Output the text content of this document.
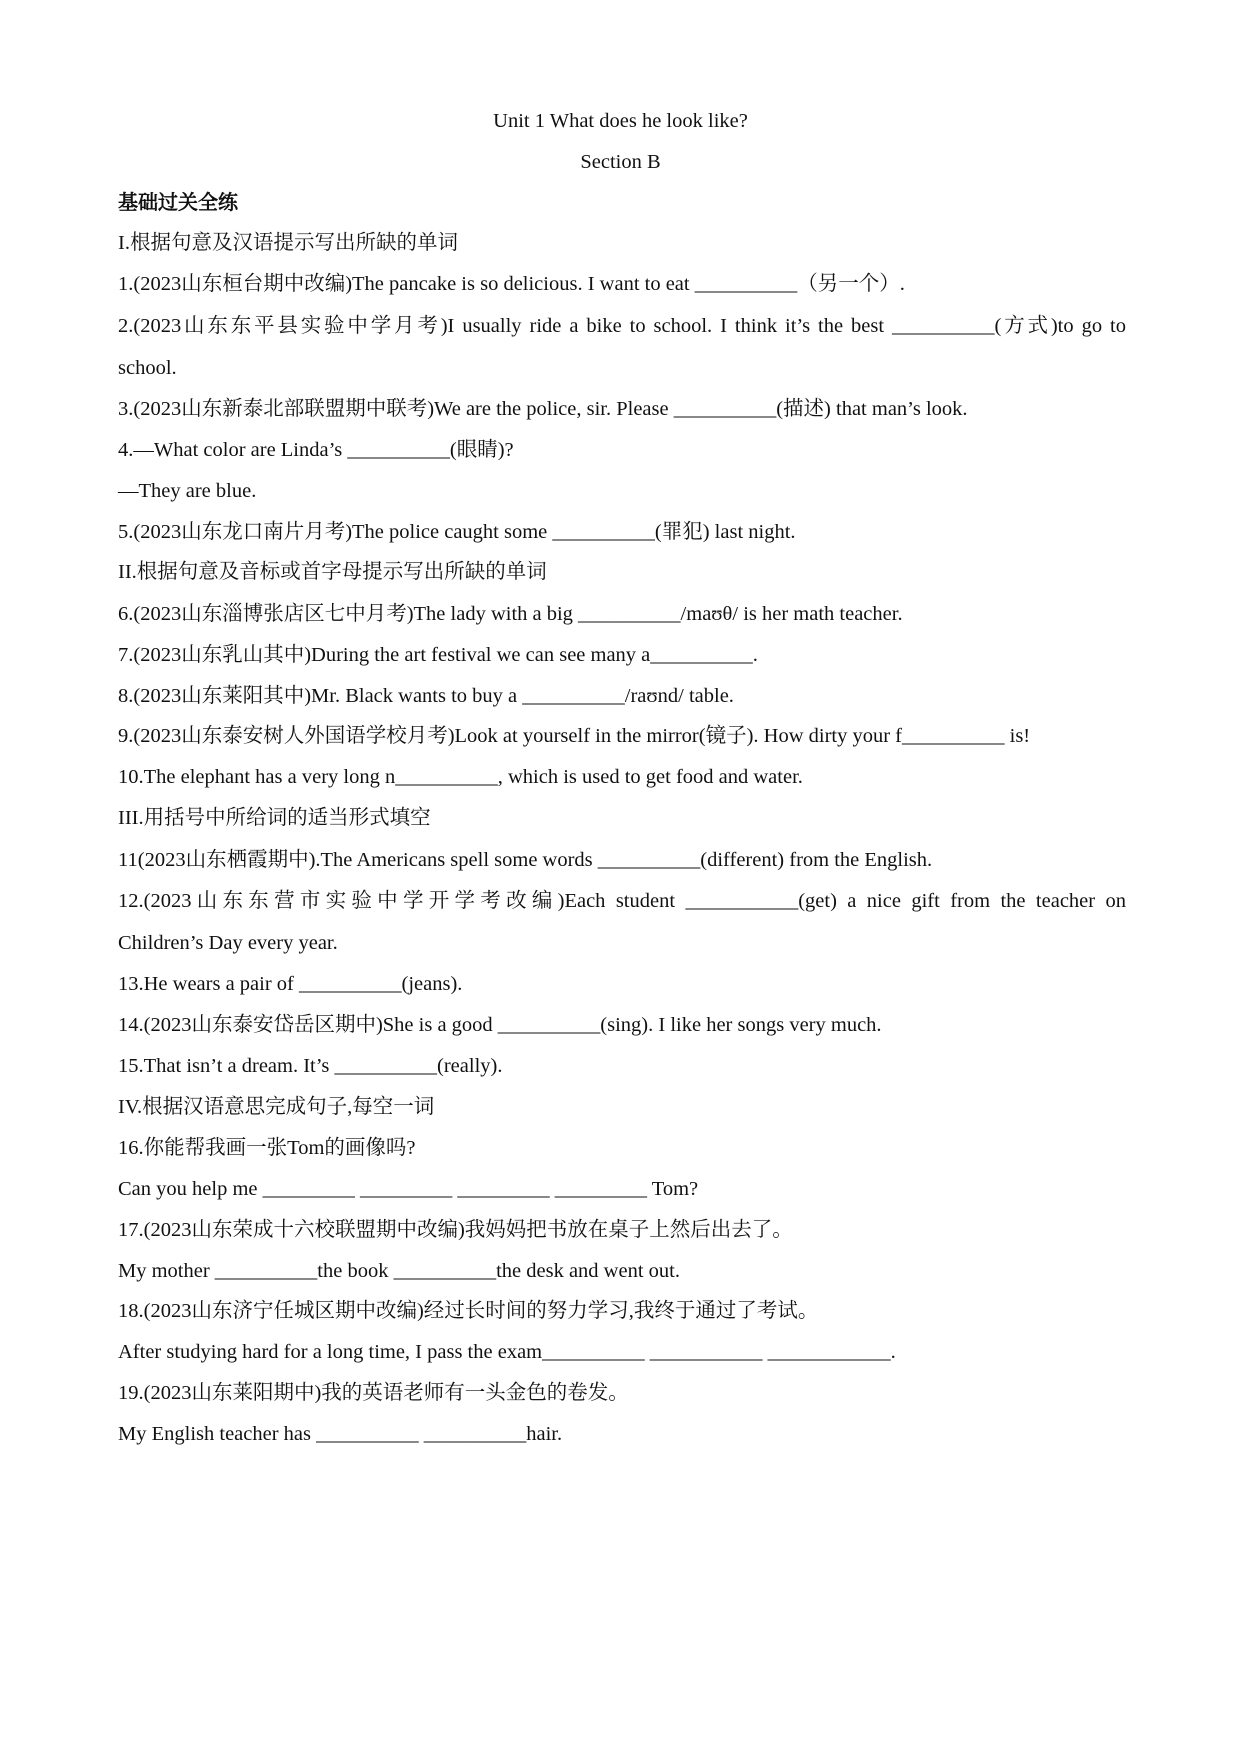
Unit 1 What does he look like?
Section B
基础过关全练
I.根据句意及汉语提示写出所缺的单词
1.(2023山东桓台期中改编)The pancake is so delicious. I want to eat __________（另一个）.
2.(2023山东东平县实验中学月考)I usually ride a bike to school. I think it’s the best __________(方式)to go to
school.
3.(2023山东新泰北部联盟期中联考)We are the police, sir. Please __________(描述) that man’s look.
4.—What color are Linda’s __________(眼睛)?
—They are blue.
5.(2023山东龙口南片月考)The police caught some __________(罪犯) last night.
II.根据句意及音标或首字母提示写出所缺的单词
6.(2023山东淄博张店区七中月考)The lady with a big __________/maʊθ/ is her math teacher.
7.(2023山东乳山其中)During the art festival we can see many a__________.
8.(2023山东莱阳其中)Mr. Black wants to buy a __________/raʊnd/ table.
9.(2023山东泰安树人外国语学校月考)Look at yourself in the mirror(镜子). How dirty your f__________ is!
10.The elephant has a very long n__________, which is used to get food and water.
III.用括号中所给词的适当形式填空
11(2023山东栖霞期中).The Americans spell some words __________(different) from the English.
12.(2023山东东营市实验中学开学考改编)Each student ___________(get) a nice gift from the teacher on
Children’s Day every year.
13.He wears a pair of __________(jeans).
14.(2023山东泰安岱岳区期中)She is a good __________(sing). I like her songs very much.
15.That isn’t a dream. It’s __________(really).
IV.根据汉语意思完成句子,每空一词
16.你能帮我画一张Tom的画像吗?
Can you help me _________ _________ _________ _________ Tom?
17.(2023山东荣成十六校联盟期中改编)我妈妈把书放在桌子上然后出去了。
My mother __________the book __________the desk and went out.
18.(2023山东济宁任城区期中改编)经过长时间的努力学习,我终于通过了考试。
After studying hard for a long time, I pass the exam__________ ___________ ____________.
19.(2023山东莱阳期中)我的英语老师有一头金色的卷发。
My English teacher has __________ __________hair.
